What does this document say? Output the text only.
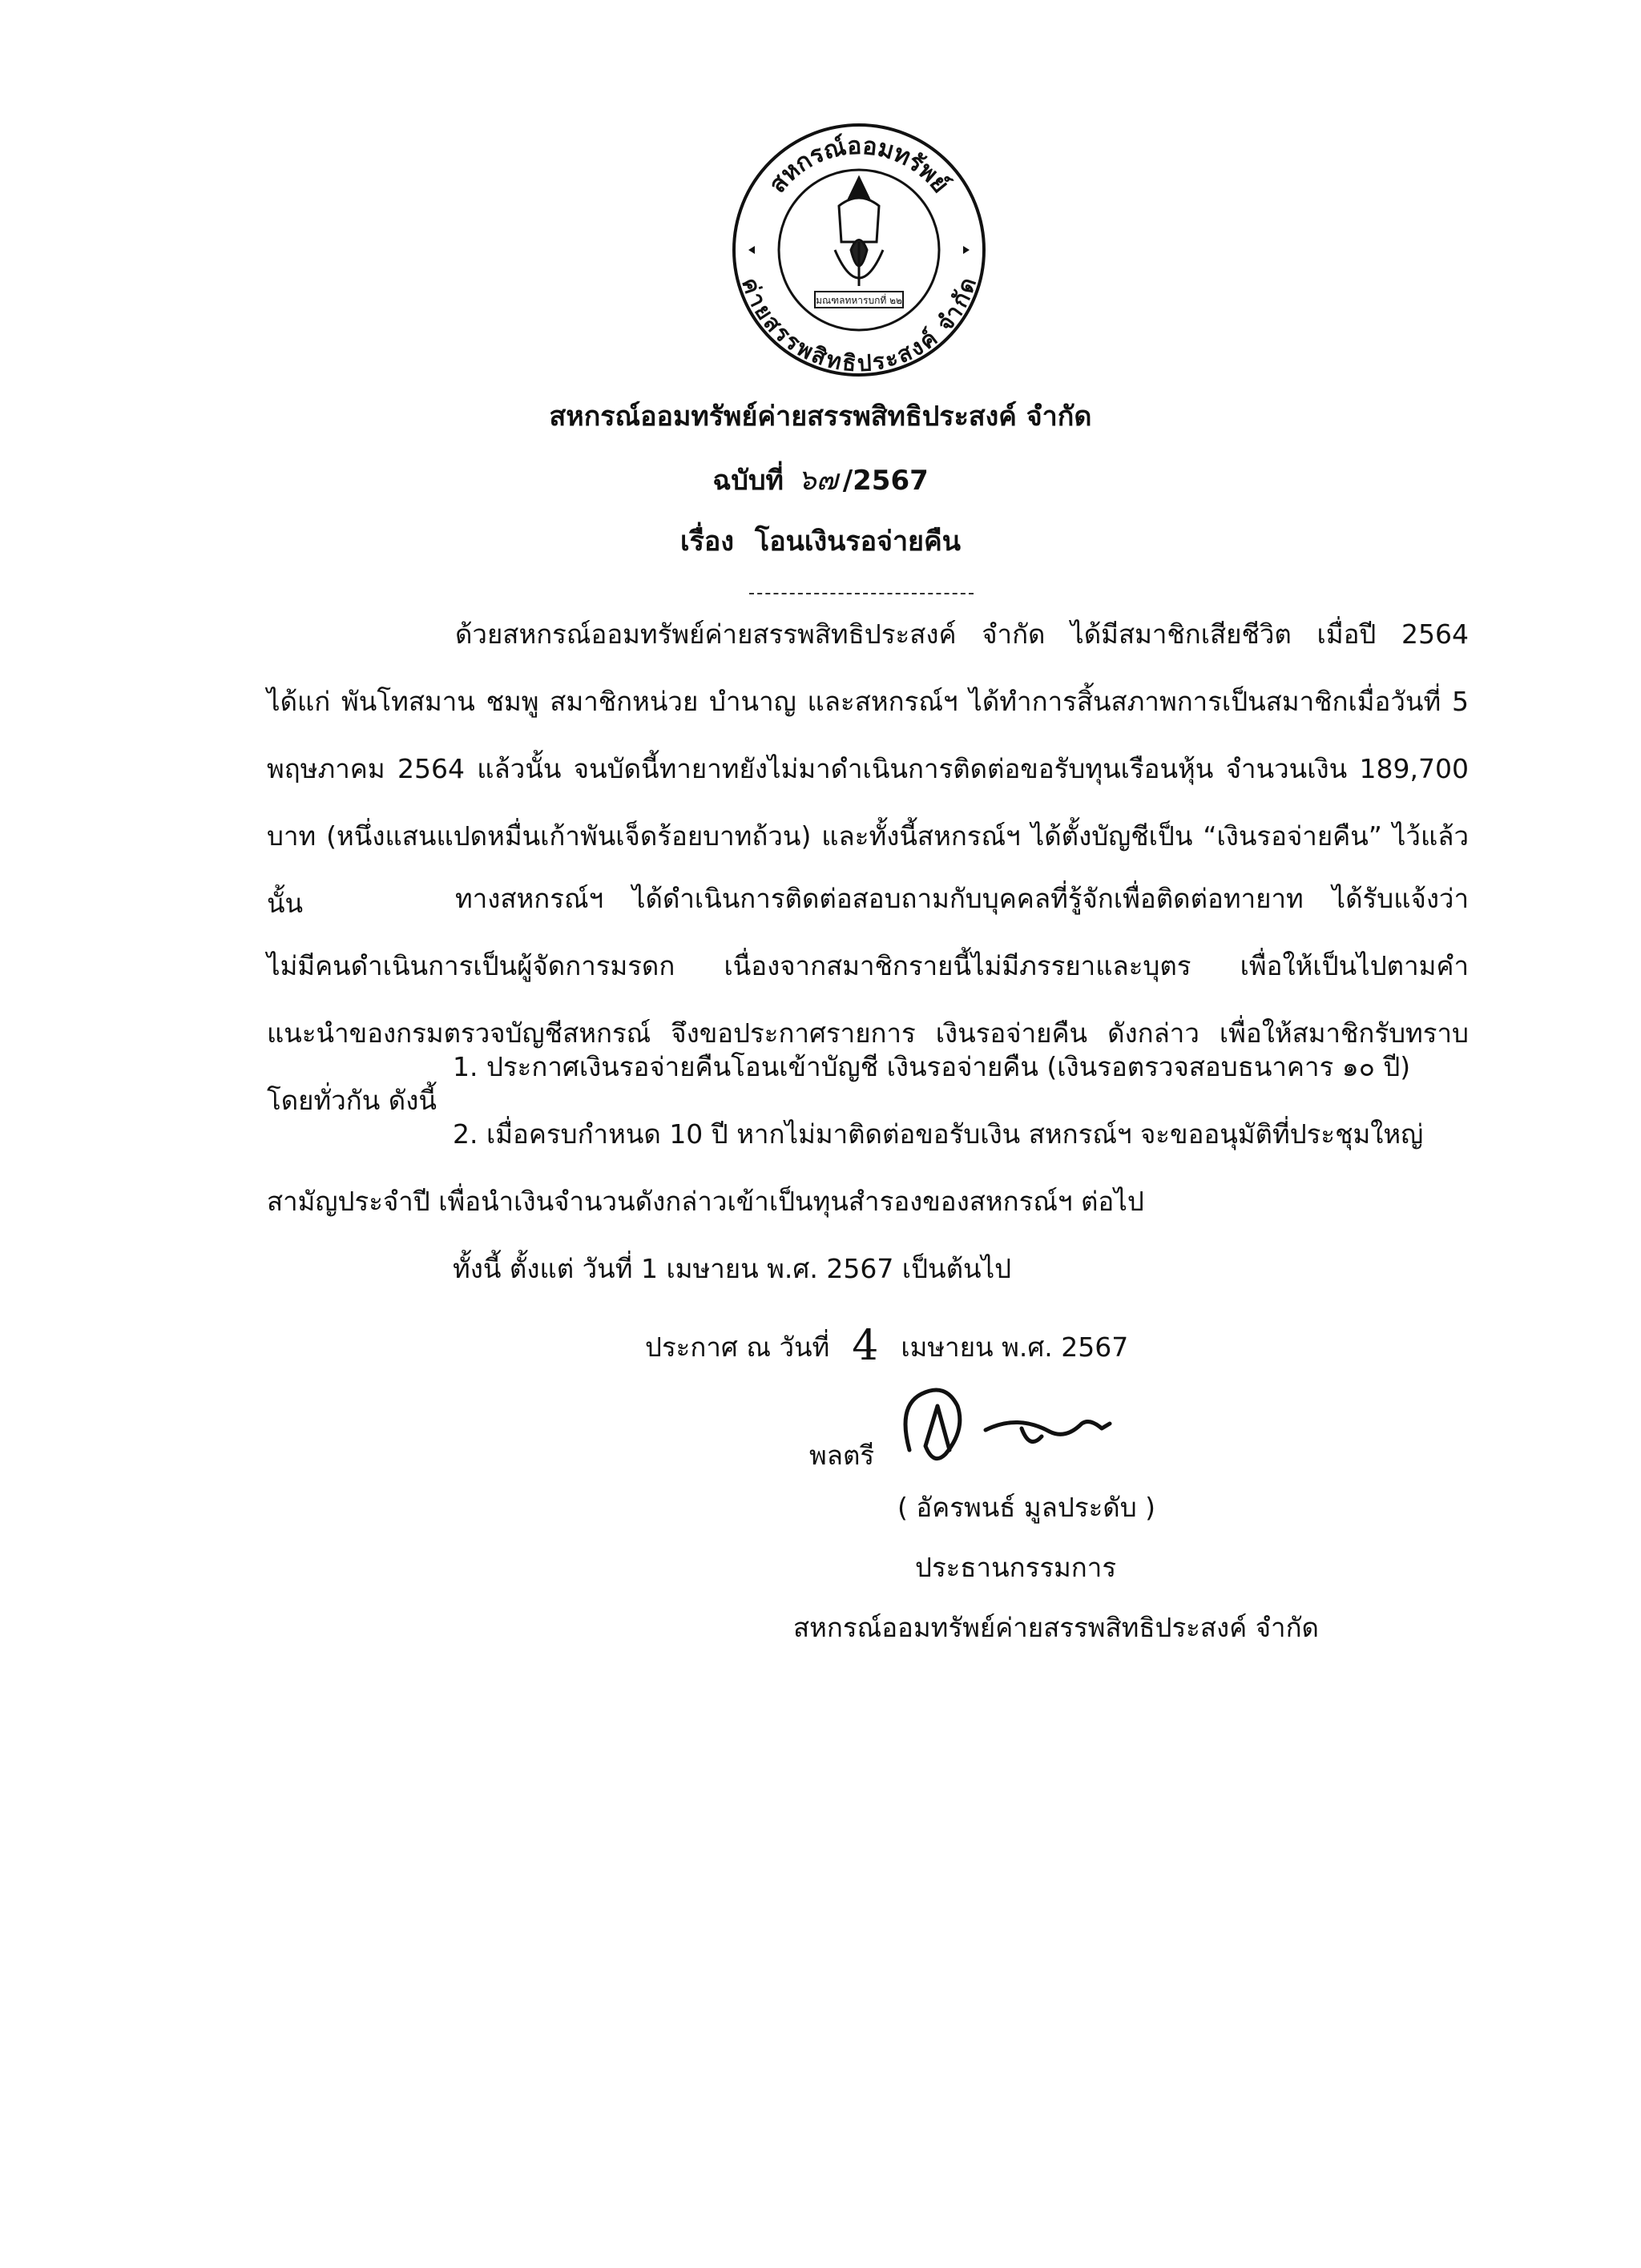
สหกรณ์ออมทรัพย์
ค่ายสรรพสิทธิประสงค์ จำกัด
มณฑลทหารบกที่ ๒๒
สหกรณ์ออมทรัพย์ค่ายสรรพสิทธิประสงค์ จำกัด
ฉบับที่ ๖๗ /2567
เรื่อง โอนเงินรอจ่ายคืน

ด้วยสหกรณ์ออมทรัพย์ค่ายสรรพสิทธิประสงค์ จำกัด ได้มีสมาชิกเสียชีวิต เมื่อปี 2564 ได้แก่ พันโทสมาน ชมพู สมาชิกหน่วย บำนาญ และสหกรณ์ฯ ได้ทำการสิ้นสภาพการเป็นสมาชิกเมื่อวันที่ 5 พฤษภาคม 2564 แล้วนั้น จนบัดนี้ทายาทยังไม่มาดำเนินการติดต่อขอรับทุนเรือนหุ้น จำนวนเงิน 189,700 บาท (หนึ่งแสนแปดหมื่นเก้าพันเจ็ดร้อยบาทถ้วน) และทั้งนี้สหกรณ์ฯ ได้ตั้งบัญชีเป็น “เงินรอจ่ายคืน” ไว้แล้วนั้น	ทางสหกรณ์ฯ ได้ดำเนินการติดต่อสอบถามกับบุคคลที่รู้จักเพื่อติดต่อทายาท ได้รับแจ้งว่าไม่มีคนดำเนินการเป็นผู้จัดการมรดก เนื่องจากสมาชิกรายนี้ไม่มีภรรยาและบุตร เพื่อให้เป็นไปตามคำแนะนำของกรมตรวจบัญชีสหกรณ์ จึงขอประกาศรายการ เงินรอจ่ายคืน ดังกล่าว เพื่อให้สมาชิกรับทราบโดยทั่วกัน ดังนี้

1. ประกาศเงินรอจ่ายคืนโอนเข้าบัญชี เงินรอจ่ายคืน (เงินรอตรวจสอบธนาคาร ๑๐ ปี)
2. เมื่อครบกำหนด 10 ปี หากไม่มาติดต่อขอรับเงิน สหกรณ์ฯ จะขออนุมัติที่ประชุมใหญ่
สามัญประจำปี เพื่อนำเงินจำนวนดังกล่าวเข้าเป็นทุนสำรองของสหกรณ์ฯ ต่อไป
ทั้งนี้ ตั้งแต่ วันที่ 1 เมษายน พ.ศ. 2567 เป็นต้นไป
ประกาศ ณ วันที่ 4 เมษายน พ.ศ. 2567
พลตรี
( อัครพนธ์ มูลประดับ )
ประธานกรรมการ
สหกรณ์ออมทรัพย์ค่ายสรรพสิทธิประสงค์ จำกัด
